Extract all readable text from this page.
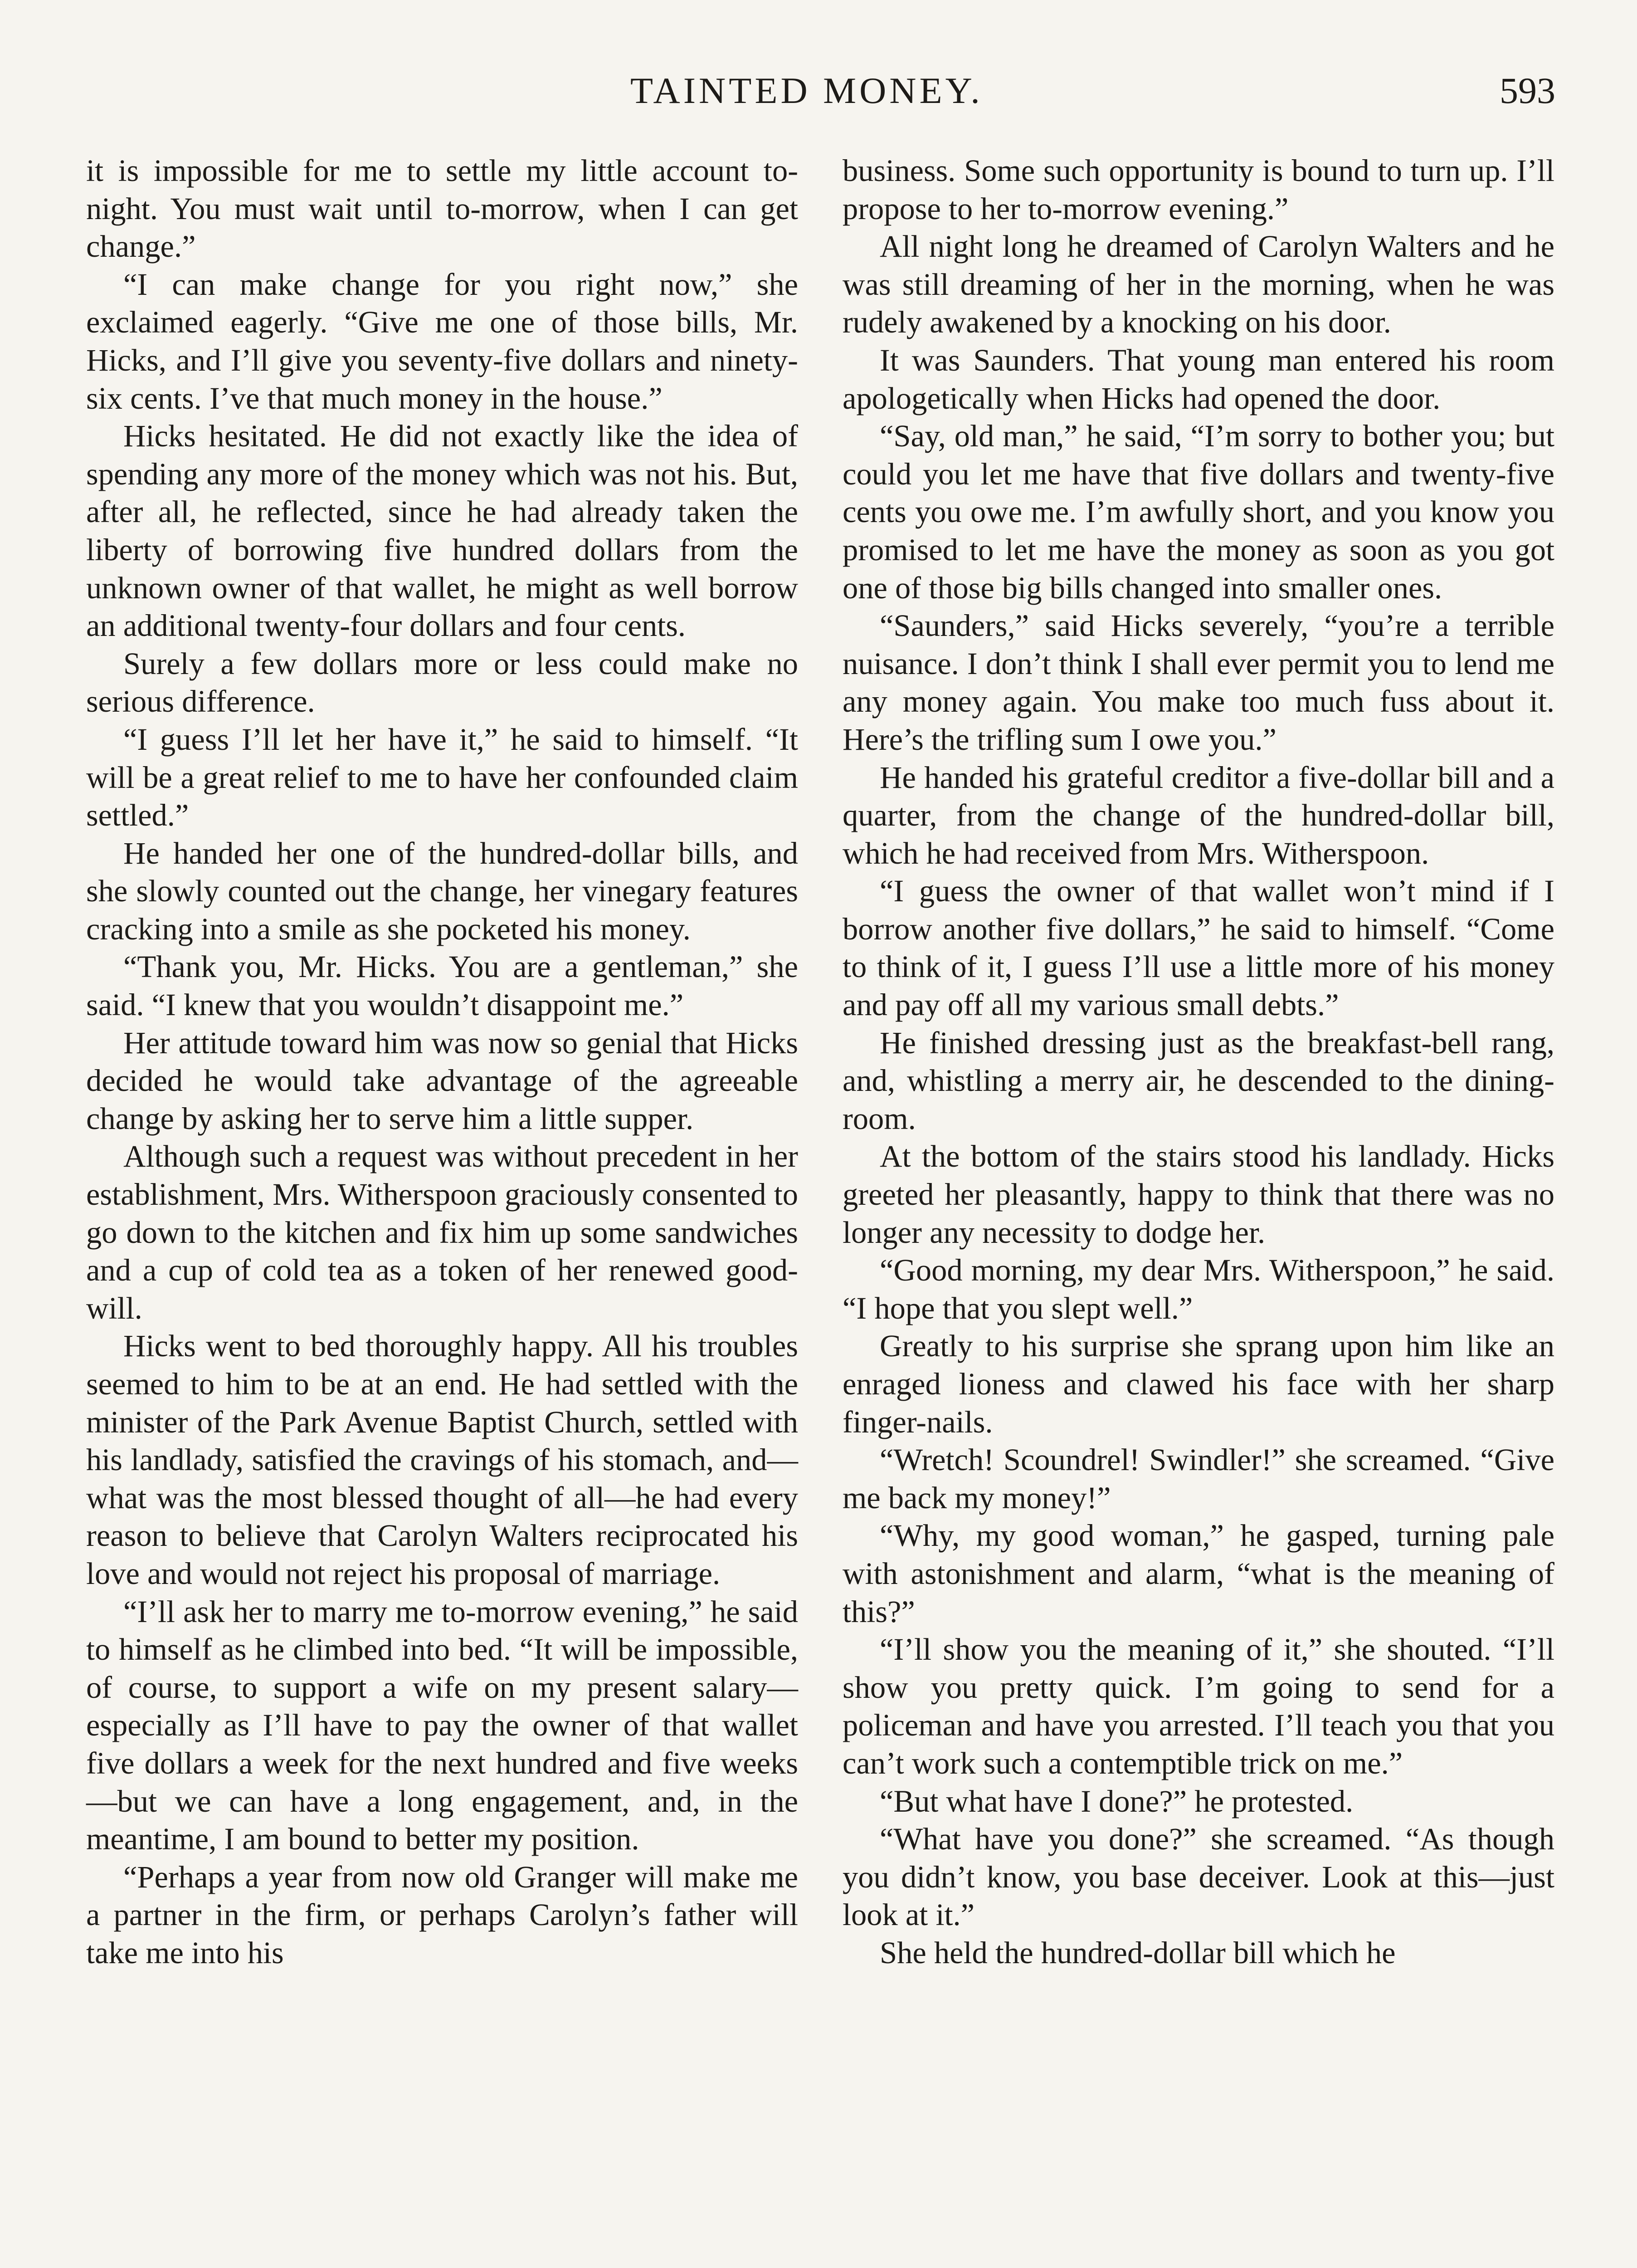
TAINTED MONEY.	593

it is impossible for me to settle my little account to-night. You must wait until to-morrow, when I can get change.”

“I can make change for you right now,” she exclaimed eagerly. “Give me one of those bills, Mr. Hicks, and I’ll give you seventy-five dollars and ninety-six cents. I’ve that much money in the house.”

Hicks hesitated. He did not exactly like the idea of spending any more of the money which was not his. But, after all, he reflected, since he had already taken the liberty of borrowing five hundred dollars from the unknown owner of that wallet, he might as well borrow an additional twenty-four dollars and four cents.

Surely a few dollars more or less could make no serious difference.

“I guess I’ll let her have it,” he said to himself. “It will be a great relief to me to have her confounded claim settled.”

He handed her one of the hundred-dollar bills, and she slowly counted out the change, her vinegary features cracking into a smile as she pocketed his money.

“Thank you, Mr. Hicks. You are a gentleman,” she said. “I knew that you wouldn’t disappoint me.”

Her attitude toward him was now so genial that Hicks decided he would take advantage of the agreeable change by asking her to serve him a little supper.

Although such a request was without precedent in her establishment, Mrs. Witherspoon graciously consented to go down to the kitchen and fix him up some sandwiches and a cup of cold tea as a token of her renewed good-will.

Hicks went to bed thoroughly happy. All his troubles seemed to him to be at an end. He had settled with the minister of the Park Avenue Baptist Church, settled with his landlady, satisfied the cravings of his stomach, and—what was the most blessed thought of all—he had every reason to believe that Carolyn Walters reciprocated his love and would not reject his proposal of marriage.

“I’ll ask her to marry me to-morrow evening,” he said to himself as he climbed into bed. “It will be impossible, of course, to support a wife on my present salary—especially as I’ll have to pay the owner of that wallet five dollars a week for the next hundred and five weeks—but we can have a long engagement, and, in the meantime, I am bound to better my position.

“Perhaps a year from now old Granger will make me a partner in the firm, or perhaps Carolyn’s father will take me into his

business. Some such opportunity is bound to turn up. I’ll propose to her to-morrow evening.”

All night long he dreamed of Carolyn Walters and he was still dreaming of her in the morning, when he was rudely awakened by a knocking on his door.

It was Saunders. That young man entered his room apologetically when Hicks had opened the door.

“Say, old man,” he said, “I’m sorry to bother you; but could you let me have that five dollars and twenty-five cents you owe me. I’m awfully short, and you know you promised to let me have the money as soon as you got one of those big bills changed into smaller ones.

“Saunders,” said Hicks severely, “you’re a terrible nuisance. I don’t think I shall ever permit you to lend me any money again. You make too much fuss about it. Here’s the trifling sum I owe you.”

He handed his grateful creditor a five-dollar bill and a quarter, from the change of the hundred-dollar bill, which he had received from Mrs. Witherspoon.

“I guess the owner of that wallet won’t mind if I borrow another five dollars,” he said to himself. “Come to think of it, I guess I’ll use a little more of his money and pay off all my various small debts.”

He finished dressing just as the breakfast-bell rang, and, whistling a merry air, he descended to the dining-room.

At the bottom of the stairs stood his landlady. Hicks greeted her pleasantly, happy to think that there was no longer any necessity to dodge her.

“Good morning, my dear Mrs. Witherspoon,” he said. “I hope that you slept well.”

Greatly to his surprise she sprang upon him like an enraged lioness and clawed his face with her sharp finger-nails.

“Wretch! Scoundrel! Swindler!” she screamed. “Give me back my money!”

“Why, my good woman,” he gasped, turning pale with astonishment and alarm, “what is the meaning of this?”

“I’ll show you the meaning of it,” she shouted. “I’ll show you pretty quick. I’m going to send for a policeman and have you arrested. I’ll teach you that you can’t work such a contemptible trick on me.”

“But what have I done?” he protested.

“What have you done?” she screamed. “As though you didn’t know, you base deceiver. Look at this—just look at it.”

She held the hundred-dollar bill which he
